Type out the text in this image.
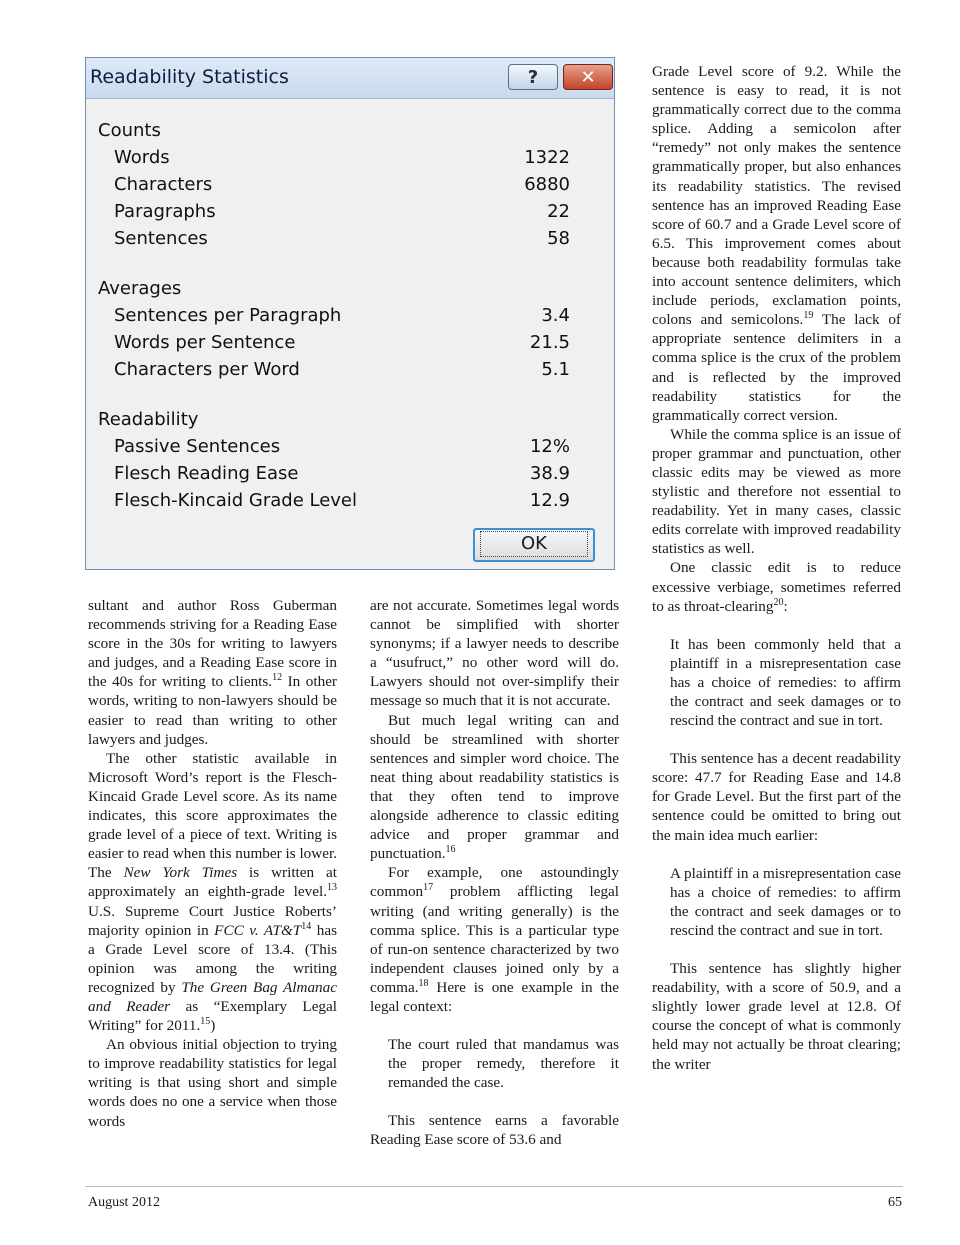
Readability Statistics	?	✕
Counts
Words	1322
Characters	6880
Paragraphs	22
Sentences	58
Averages
Sentences per Paragraph	3.4
Words per Sentence	21.5
Characters per Word	5.1
Readability
Passive Sentences	12%
Flesch Reading Ease	38.9
Flesch-Kincaid Grade Level	12.9
OK

sultant and author Ross Guberman recommends striving for a Reading Ease score in the 30s for writing to lawyers and judges, and a Reading Ease score in the 40s for writing to clients.$^{12}$ In other words, writing to non-lawyers should be easier to read than writing to other lawyers and judges.

The other statistic available in Microsoft Word’s report is the Flesch-Kincaid Grade Level score. As its name indicates, this score approximates the grade level of a piece of text. Writing is easier to read when this number is lower. The New York Times is written at approximately an eighth-grade level.$^{13}$ U.S. Supreme Court Justice Roberts’ majority opinion in FCC v. $AT\&T^{14}$ has a Grade Level score of 13.4. (This opinion was among the writing recognized by The Green Bag Almanac and Reader as “Exemplary Legal Writing” for 2011.15)

An obvious initial objection to trying to improve readability statistics for legal writing is that using short and simple words does no one a service when those words

are not accurate. Sometimes legal words cannot be simplified with shorter synonyms; if a lawyer needs to describe a “usufruct,” no other word will do. Lawyers should not over-simplify their message so much that it is not accurate.

But much legal writing can and should be streamlined with shorter sentences and simpler word choice. The neat thing about readability statistics is that they often tend to improve alongside adherence to classic editing advice and proper grammar and punctuation.$^{16}$

For example, one astoundingly common$^{17}$ problem afflicting legal writing (and writing generally) is the comma splice. This is a particular type of run-on sentence characterized by two independent clauses joined only by a comma.$^{18}$ Here is one example in the legal context:

The court ruled that mandamus was the proper remedy, therefore it remanded the case.

This sentence earns a favorable Reading Ease score of 53.6 and

Grade Level score of 9.2. While the sentence is easy to read, it is not grammatically correct due to the comma splice. Adding a semicolon after “remedy” not only makes the sentence grammatically proper, but also enhances its readability statistics. The revised sentence has an improved Reading Ease score of 60.7 and a Grade Level score of 6.5. This improvement comes about because both readability formulas take into account sentence delimiters, which include periods, exclamation points, colons and semicolons.$^{19}$ The lack of appropriate sentence delimiters in a comma splice is the crux of the problem and is reflected by the improved readability statistics for the grammatically correct version.

While the comma splice is an issue of proper grammar and punctuation, other classic edits may be viewed as more stylistic and therefore not essential to readability. Yet in many cases, classic edits correlate with improved readability statistics as well.

One classic edit is to reduce excessive verbiage, sometimes referred to as throat-clearing$^{20}$:

It has been commonly held that a plaintiff in a misrepresentation case has a choice of remedies: to affirm the contract and seek damages or to rescind the contract and sue in tort.

This sentence has a decent readability score: 47.7 for Reading Ease and 14.8 for Grade Level. But the first part of the sentence could be omitted to bring out the main idea much earlier:

A plaintiff in a misrepresentation case has a choice of remedies: to affirm the contract and seek damages or to rescind the contract and sue in tort.

This sentence has slightly higher readability, with a score of 50.9, and a slightly lower grade level at 12.8. Of course the concept of what is commonly held may not actually be throat clearing; the writer

August 2012	65
